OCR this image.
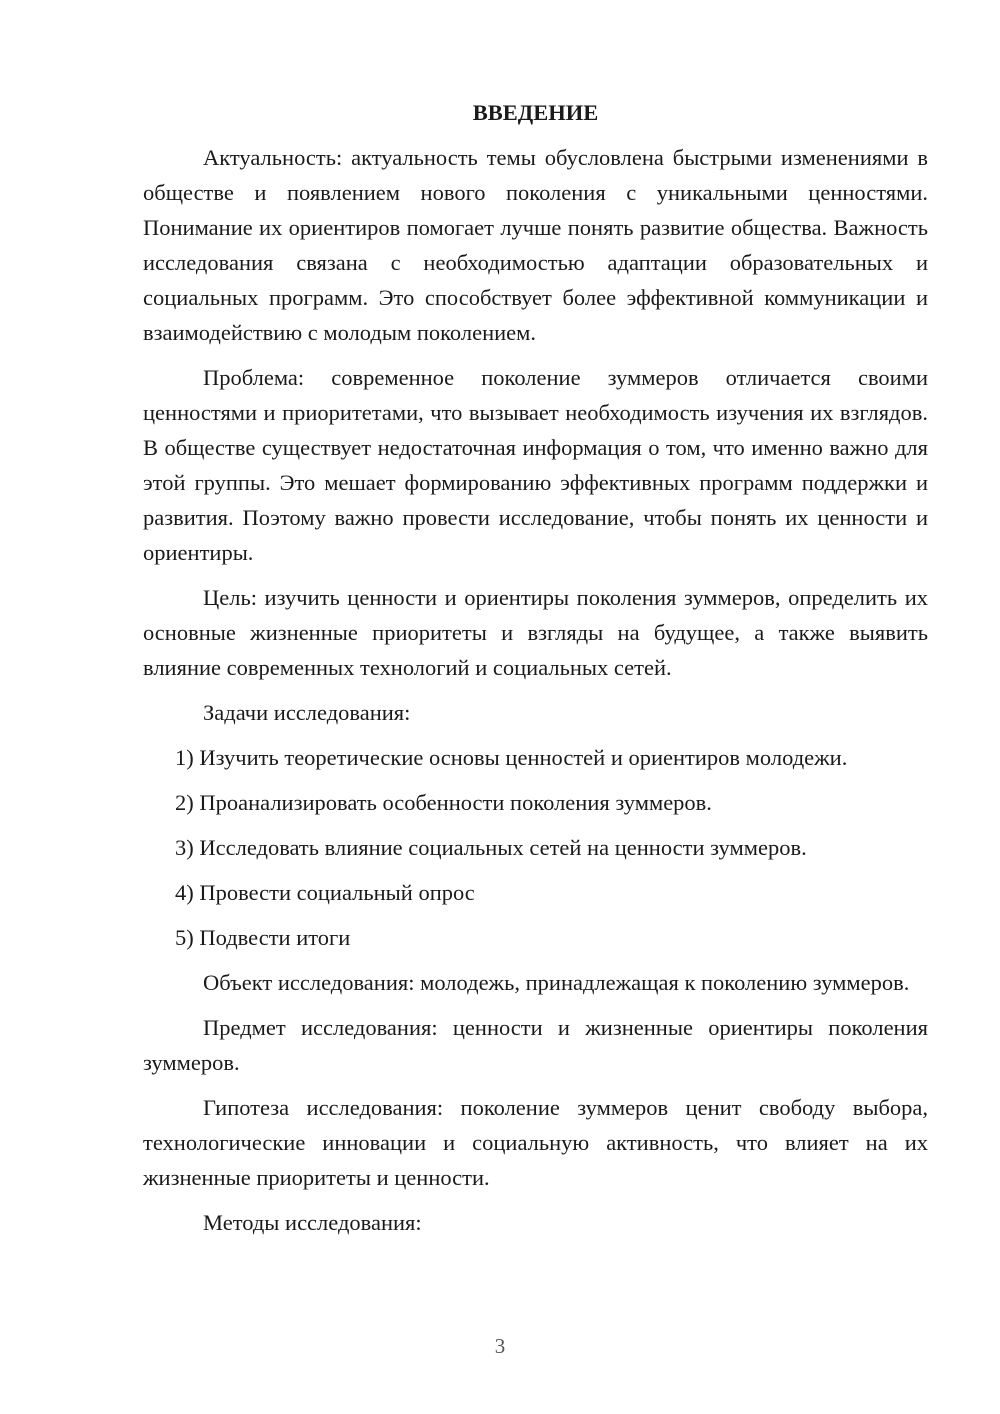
ВВЕДЕНИЕ

Актуальность: актуальность темы обусловлена быстрыми изменениями в обществе и появлением нового поколения с уникальными ценностями. Понимание их ориентиров помогает лучше понять развитие общества. Важность исследования связана с необходимостью адаптации образовательных и социальных программ. Это способствует более эффективной коммуникации и взаимодействию с молодым поколением.

Проблема: современное поколение зуммеров отличается своими ценностями и приоритетами, что вызывает необходимость изучения их взглядов. В обществе существует недостаточная информация о том, что именно важно для этой группы. Это мешает формированию эффективных программ поддержки и развития. Поэтому важно провести исследование, чтобы понять их ценности и ориентиры.

Цель: изучить ценности и ориентиры поколения зуммеров, определить их основные жизненные приоритеты и взгляды на будущее, а также выявить влияние современных технологий и социальных сетей.

Задачи исследования:

1) Изучить теоретические основы ценностей и ориентиров молодежи.

2) Проанализировать особенности поколения зуммеров.

3) Исследовать влияние социальных сетей на ценности зуммеров.

4) Провести социальный опрос

5) Подвести итоги

Объект исследования: молодежь, принадлежащая к поколению зуммеров.

Предмет исследования: ценности и жизненные ориентиры поколения зуммеров.

Гипотеза исследования: поколение зуммеров ценит свободу выбора, технологические инновации и социальную активность, что влияет на их жизненные приоритеты и ценности.

Методы исследования:

3
